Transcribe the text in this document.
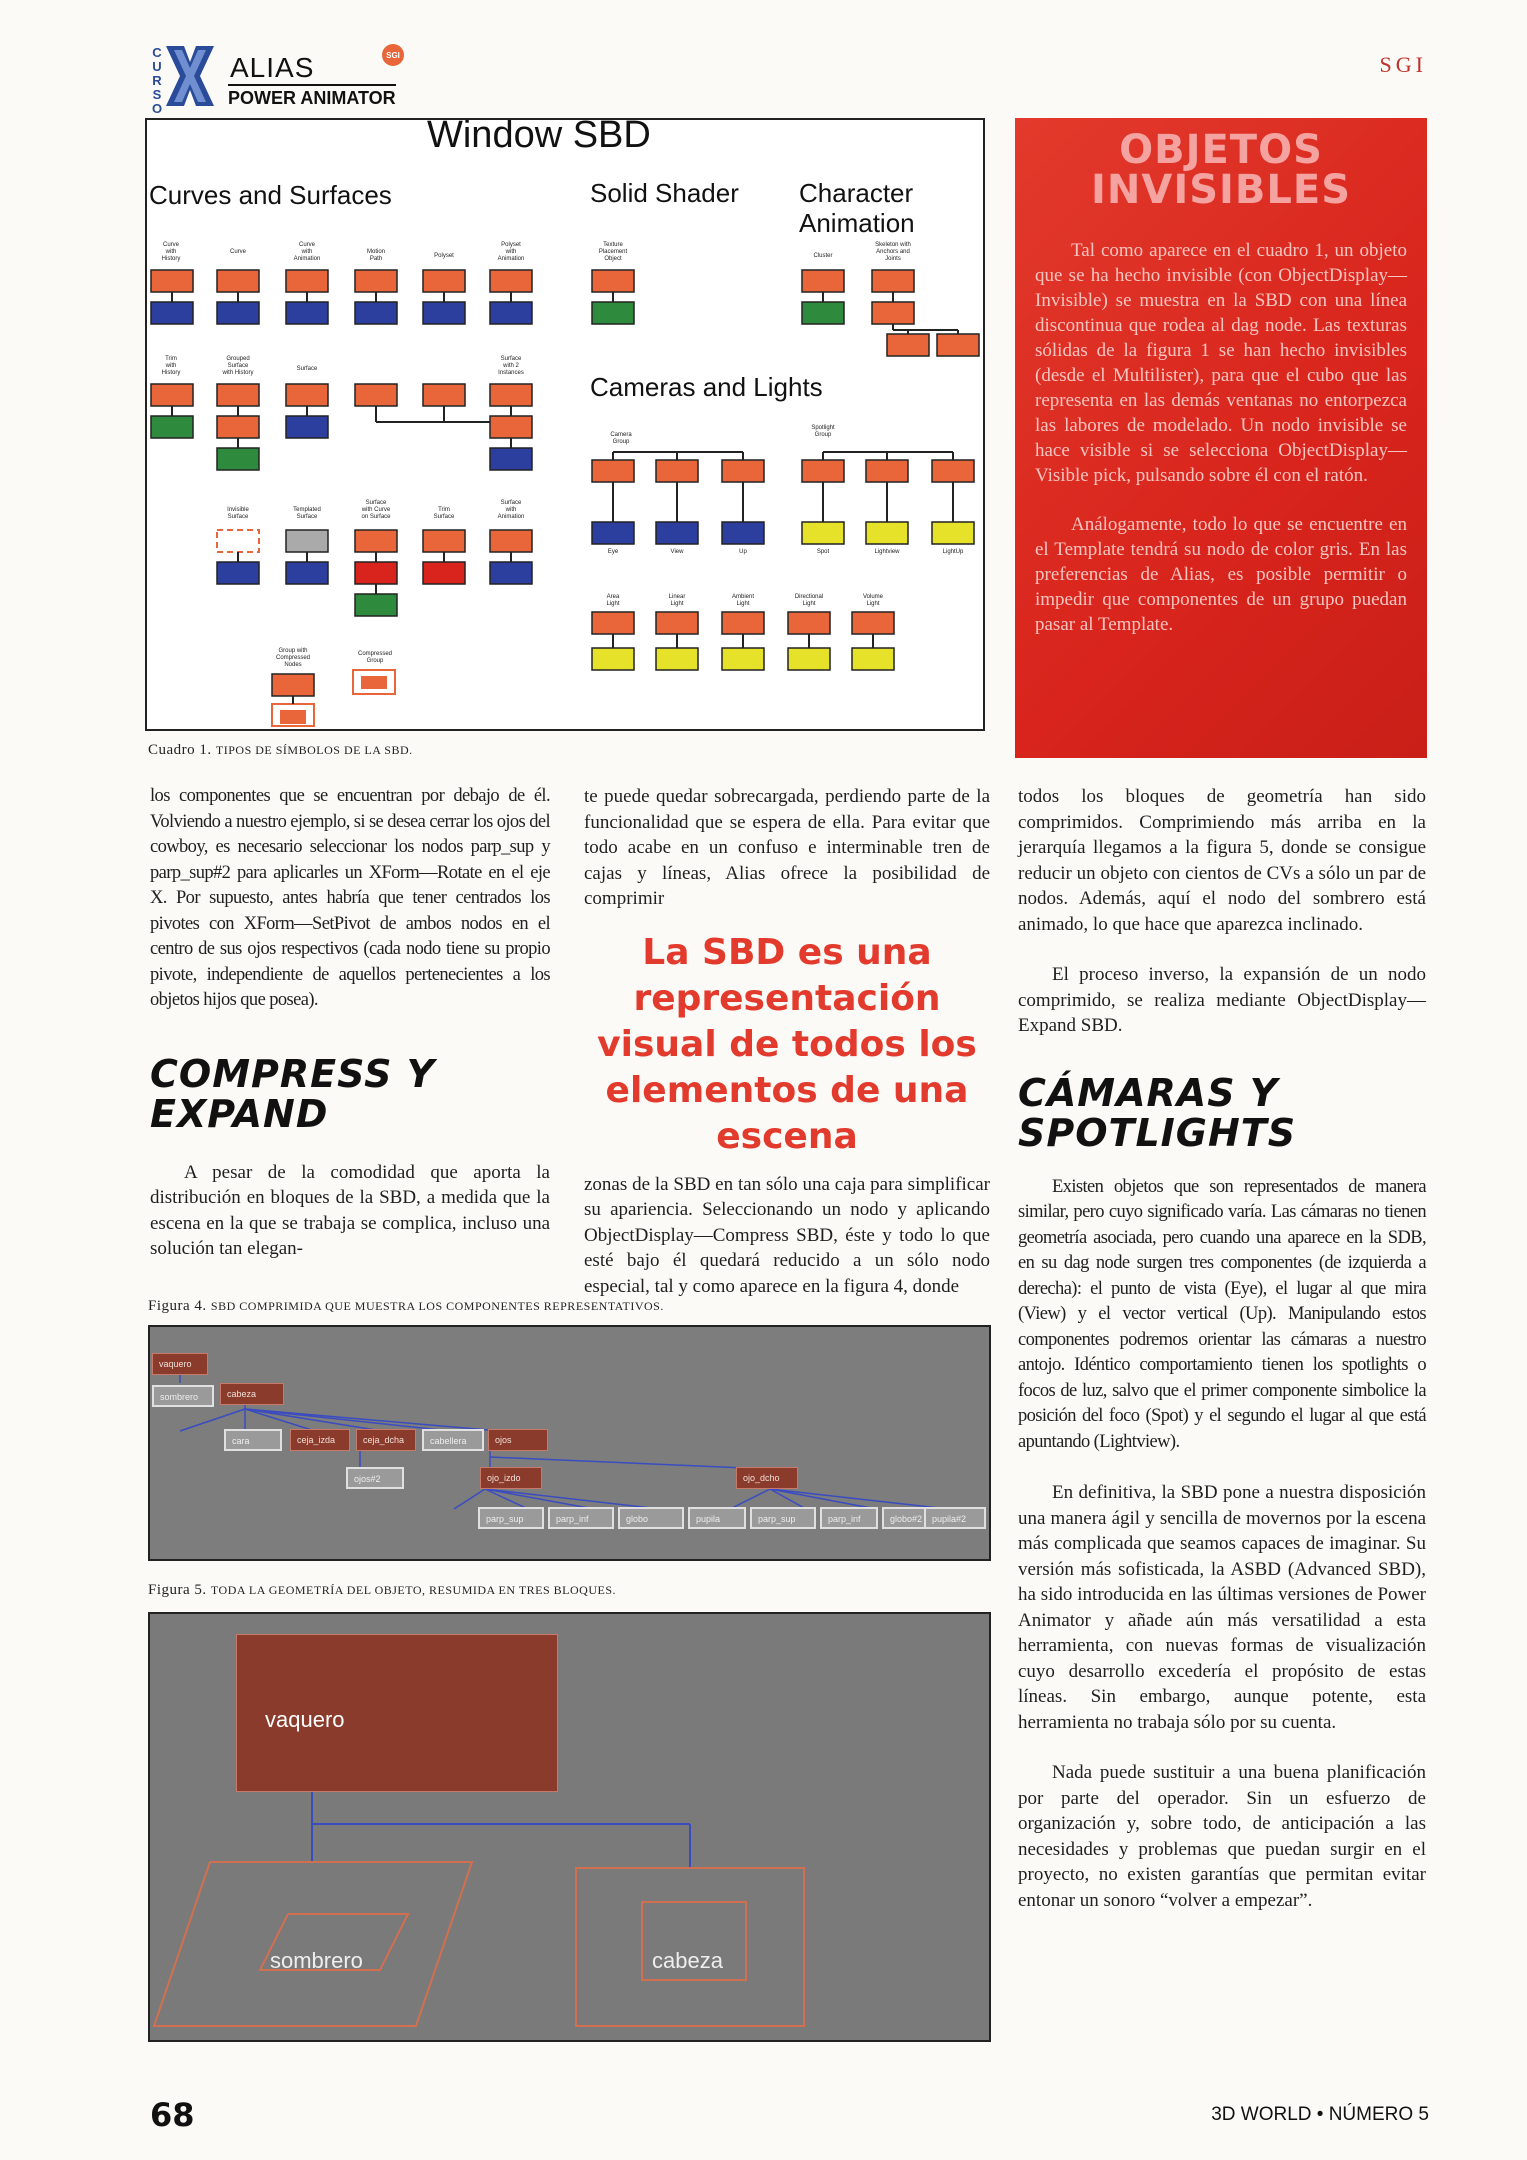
C
U
R
S
O
ALIAS
POWER ANIMATOR
SGI	SGI
Curve
with
History
Curve
Curve
with
Animation
Motion
Path	Polyset
Polyset
with
Animation
Trim
with
History
Grouped
Surface
with History
Surface
Surface
with 2
Instances
Invisible
Surface
Templated
Surface
Surface
with Curve
on Surface
Trim
Surface
Surface
with
Animation
Group with
Compressed
Nodes
Compressed
Group
Texture
Placement
Object	Cluster
Skeleton with
Anchors and
Joints
Camera
Group
Spotlight
Group
Eye	View	Up	Spot	Lightview	LightUp
Area
Light
Linear
Light
Ambient
Light
Directional
Light
Volume
Light
Window SBD
Curves and Surfaces	Solid Shader Character Animation
Cameras and Lights
Cuadro 1. TIPOS DE SÍMBOLOS DE LA SBD.
OBJETOS
INVISIBLES

Tal como aparece en el cuadro 1, un objeto que se ha hecho invisible (con ObjectDisplay—Invisible) se muestra en la SBD con una línea discontinua que rodea al dag node. Las texturas sólidas de la figura 1 se han hecho invisibles (desde el Multilister), para que el cubo que las representa en las demás ventanas no entorpezca las labores de modelado. Un nodo invisible se hace visible si se selecciona ObjectDisplay—Visible pick, pulsando sobre él con el ratón.

Análogamente, todo lo que se encuentre en el Template tendrá su nodo de color gris. En las preferencias de Alias, es posible permitir o impedir que componentes de un grupo puedan pasar al Template.

los componentes que se encuentran por debajo de él. Volviendo a nuestro ejemplo, si se desea cerrar los ojos del cowboy, es necesario seleccionar los nodos parp_sup y parp_sup#2 para aplicarles un XForm—Rotate en el eje X. Por supuesto, antes habría que tener centrados los pivotes con XForm—SetPivot de ambos nodos en el centro de sus ojos respectivos (cada nodo tiene su propio pivote, independiente de aquellos pertenecientes a los objetos hijos que posea).

COMPRESS Y
EXPAND

A pesar de la comodidad que aporta la distribución en bloques de la SBD, a medida que la escena en la que se trabaja se complica, incluso una solución tan elegan-

te puede quedar sobrecargada, perdiendo parte de la funcionalidad que se espera de ella. Para evitar que todo acabe en un confuso e interminable tren de cajas y líneas, Alias ofrece la posibilidad de comprimir

La SBD es una representación visual de todos los elementos de una escena

zonas de la SBD en tan sólo una caja para simplificar su apariencia. Seleccionando un nodo y aplicando ObjectDisplay—Compress SBD, éste y todo lo que esté bajo él quedará reducido a un sólo nodo especial, tal y como aparece en la figura 4, donde

todos los bloques de geometría han sido comprimidos. Comprimiendo más arriba en la jerarquía llegamos a la figura 5, donde se consigue reducir un objeto con cientos de CVs a sólo un par de nodos. Además, aquí el nodo del sombrero está animado, lo que hace que aparezca inclinado.

El proceso inverso, la expansión de un nodo comprimido, se realiza mediante ObjectDisplay—Expand SBD.

CÁMARAS Y
SPOTLIGHTS

Existen objetos que son representados de manera similar, pero cuyo significado varía. Las cámaras no tienen geometría asociada, pero cuando una aparece en la SDB, en su dag node surgen tres componentes (de izquierda a derecha): el punto de vista (Eye), el lugar al que mira (View) y el vector vertical (Up). Manipulando estos componentes podremos orientar las cámaras a nuestro antojo. Idéntico comportamiento tienen los spotlights o focos de luz, salvo que el primer componente simbolice la posición del foco (Spot) y el segundo el lugar al que está apuntando (Lightview).

En definitiva, la SBD pone a nuestra disposición una manera ágil y sencilla de movernos por la escena más complicada que seamos capaces de imaginar. Su versión más sofisticada, la ASBD (Advanced SBD), ha sido introducida en las últimas versiones de Power Animator y añade aún más versatilidad a esta herramienta, con nuevas formas de visualización cuyo desarrollo excedería el propósito de estas líneas. Sin embargo, aunque potente, esta herramienta no trabaja sólo por su cuenta.

Nada puede sustituir a una buena planificación por parte del operador. Sin un esfuerzo de organización y, sobre todo, de anticipación a las necesidades y problemas que puedan surgir en el proyecto, no existen garantías que permitan evitar entonar un sonoro “volver a empezar”.

Figura 4. SBD COMPRIMIDA QUE MUESTRA LOS COMPONENTES REPRESENTATIVOS.
vaquero
sombrero	cabeza
cara	ceja_izda	ceja_dcha	cabellera	ojos
ojos#2	ojo_izdo	ojo_dcho
parp_sup	parp_inf	globo	pupila	parp_sup	parp_inf	globo#2	pupila#2
Figura 5. TODA LA GEOMETRÍA DEL OBJETO, RESUMIDA EN TRES BLOQUES.
vaquero
sombrero	cabeza
68	3D WORLD • NÚMERO 5
